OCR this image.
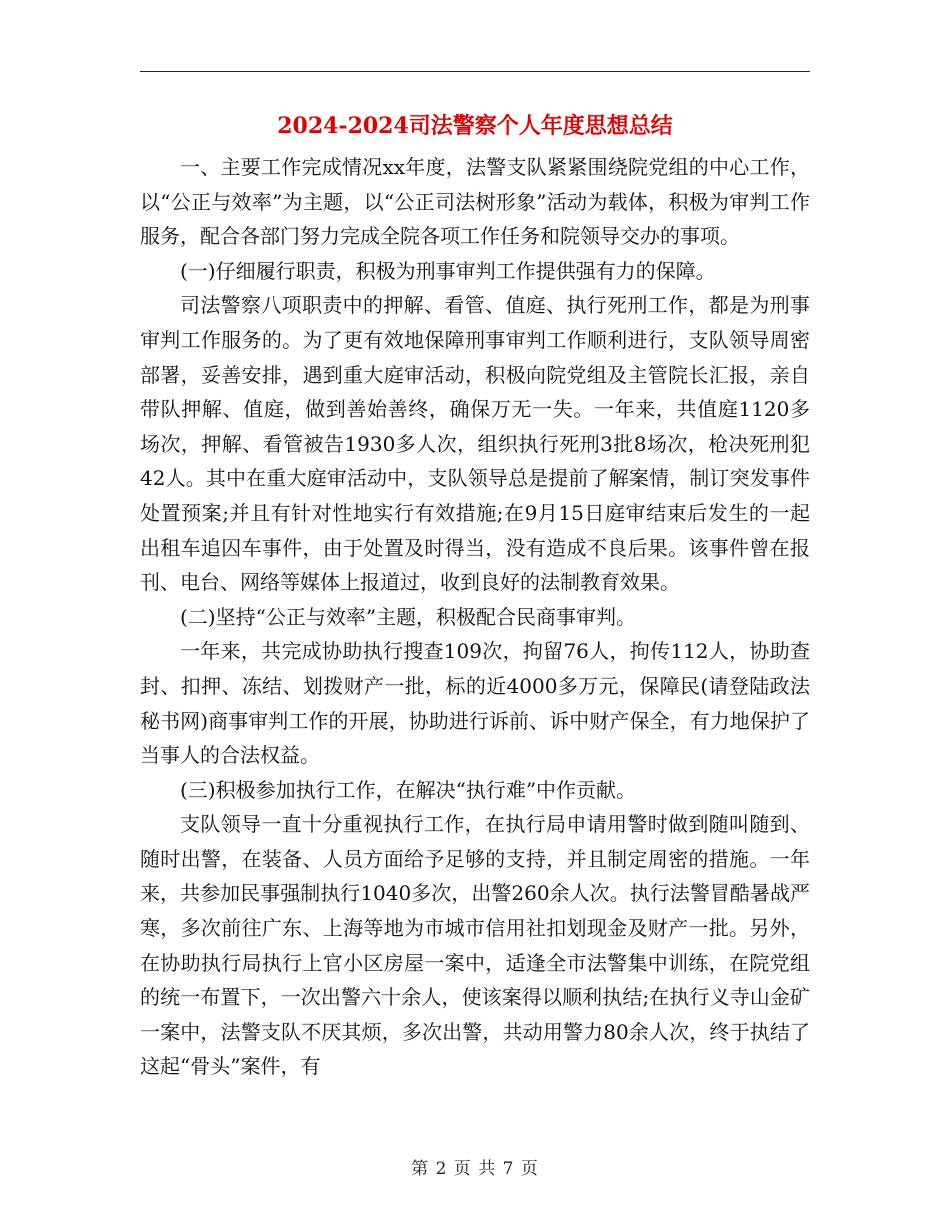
2024-2024司法警察个人年度思想总结

一、主要工作完成情况xx年度，法警支队紧紧围绕院党组的中心工作，以“公正与效率”为主题，以“公正司法树形象”活动为载体，积极为审判工作服务，配合各部门努力完成全院各项工作任务和院领导交办的事项。

(一)仔细履行职责，积极为刑事审判工作提供强有力的保障。

司法警察八项职责中的押解、看管、值庭、执行死刑工作，都是为刑事审判工作服务的。为了更有效地保障刑事审判工作顺利进行，支队领导周密部署，妥善安排，遇到重大庭审活动，积极向院党组及主管院长汇报，亲自带队押解、值庭，做到善始善终，确保万无一失。一年来，共值庭1120多场次，押解、看管被告1930多人次，组织执行死刑3批8场次，枪决死刑犯42人。其中在重大庭审活动中，支队领导总是提前了解案情，制订突发事件处置预案;并且有针对性地实行有效措施;在9月15日庭审结束后发生的一起出租车追囚车事件，由于处置及时得当，没有造成不良后果。该事件曾在报刊、电台、网络等媒体上报道过，收到良好的法制教育效果。

(二)坚持“公正与效率”主题，积极配合民商事审判。

一年来，共完成协助执行搜查109次，拘留76人，拘传112人，协助查封、扣押、冻结、划拨财产一批，标的近4000多万元，保障民(请登陆政法秘书网)商事审判工作的开展，协助进行诉前、诉中财产保全，有力地保护了当事人的合法权益。

(三)积极参加执行工作，在解决“执行难”中作贡献。

支队领导一直十分重视执行工作，在执行局申请用警时做到随叫随到、随时出警，在装备、人员方面给予足够的支持，并且制定周密的措施。一年来，共参加民事强制执行1040多次，出警260余人次。执行法警冒酷暑战严寒，多次前往广东、上海等地为市城市信用社扣划现金及财产一批。另外，在协助执行局执行上官小区房屋一案中，适逢全市法警集中训练，在院党组的统一布置下，一次出警六十余人，使该案得以顺利执结;在执行义寺山金矿一案中，法警支队不厌其烦，多次出警，共动用警力80余人次，终于执结了这起“骨头”案件，有

第 2 页 共 7 页
